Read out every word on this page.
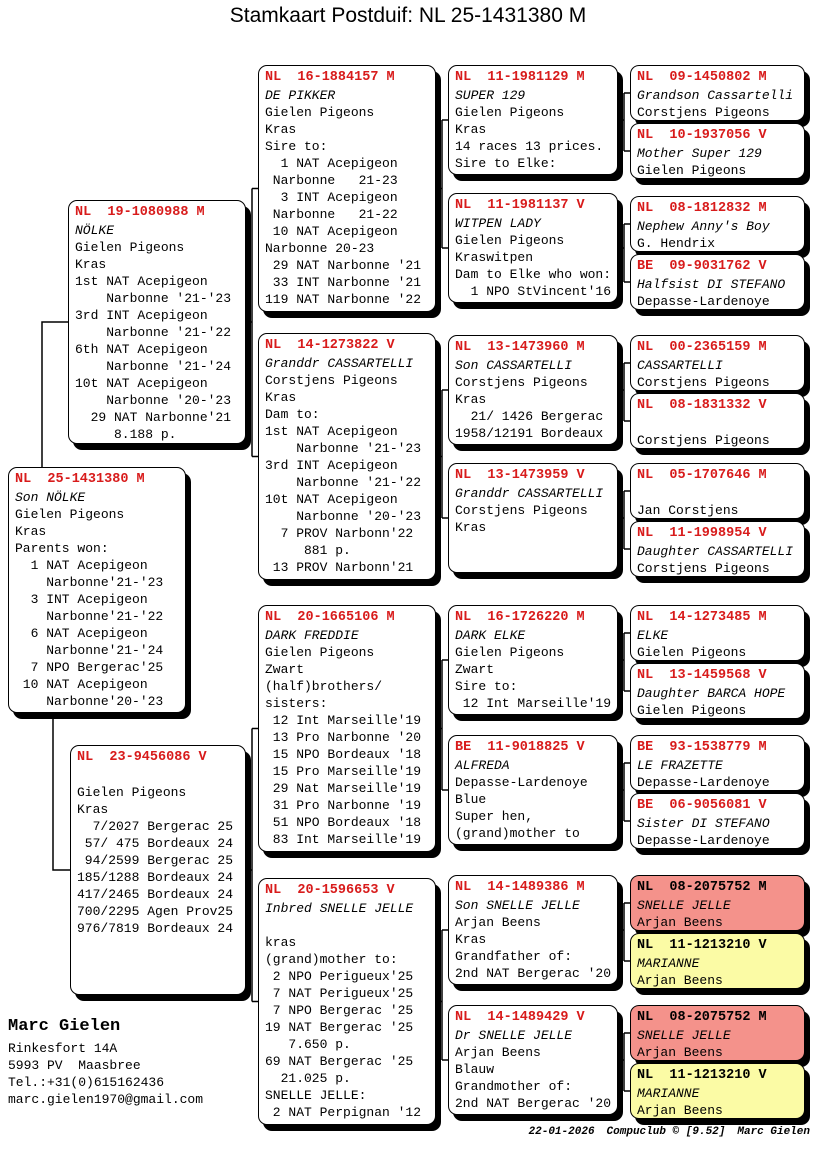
Stamkaart Postduif: NL 25-1431380 M
NL  25-1431380 M
Son NÖLKE
Gielen Pigeons
Kras
Parents won:
1 NAT Acepigeon
Narbonne'21-'23
3 INT Acepigeon
Narbonne'21-'22
6 NAT Acepigeon
Narbonne'21-'24
7 NPO Bergerac'25
10 NAT Acepigeon
Narbonne'20-'23
NL  19-1080988 M
NÖLKE
Gielen Pigeons
Kras
1st NAT Acepigeon
Narbonne '21-'23
3rd INT Acepigeon
Narbonne '21-'22
6th NAT Acepigeon
Narbonne '21-'24
10t NAT Acepigeon
Narbonne '20-'23
29 NAT Narbonne'21
8.188 p.
NL  23-9456086 V
Gielen Pigeons
Kras
7/2027 Bergerac 25
57/ 475 Bordeaux 24
94/2599 Bergerac 25
185/1288 Bordeaux 24
417/2465 Bordeaux 24
700/2295 Agen Prov25
976/7819 Bordeaux 24
NL  16-1884157 M
DE PIKKER
Gielen Pigeons
Kras
Sire to:
1 NAT Acepigeon
Narbonne   21-23
3 INT Acepigeon
Narbonne   21-22
10 NAT Acepigeon
Narbonne 20-23
29 NAT Narbonne '21
33 INT Narbonne '21
119 NAT Narbonne '22
NL  14-1273822 V
Granddr CASSARTELLI
Corstjens Pigeons
Kras
Dam to:
1st NAT Acepigeon
Narbonne '21-'23
3rd INT Acepigeon
Narbonne '21-'22
10t NAT Acepigeon
Narbonne '20-'23
7 PROV Narbonn'22
881 p.
13 PROV Narbonn'21
NL  20-1665106 M
DARK FREDDIE
Gielen Pigeons
Zwart
(half)brothers/
sisters:
12 Int Marseille'19
13 Pro Narbonne '20
15 NPO Bordeaux '18
15 Pro Marseille'19
29 Nat Marseille'19
31 Pro Narbonne '19
51 NPO Bordeaux '18
83 Int Marseille'19
NL  20-1596653 V
Inbred SNELLE JELLE
kras
(grand)mother to:
2 NPO Perigueux'25
7 NAT Perigueux'25
7 NPO Bergerac '25
19 NAT Bergerac '25
7.650 p.
69 NAT Bergerac '25
21.025 p.
SNELLE JELLE:
2 NAT Perpignan '12
NL  11-1981129 M
SUPER 129
Gielen Pigeons
Kras
14 races 13 prices.
Sire to Elke:
NL  11-1981137 V
WITPEN LADY
Gielen Pigeons
Kraswitpen
Dam to Elke who won:
1 NPO StVincent'16
NL  13-1473960 M
Son CASSARTELLI
Corstjens Pigeons
Kras
21/ 1426 Bergerac
1958/12191 Bordeaux
NL  13-1473959 V
Granddr CASSARTELLI
Corstjens Pigeons
Kras
NL  16-1726220 M
DARK ELKE
Gielen Pigeons
Zwart
Sire to:
12 Int Marseille'19
BE  11-9018825 V
ALFREDA
Depasse-Lardenoye
Blue
Super hen,
(grand)mother to
NL  14-1489386 M
Son SNELLE JELLE
Arjan Beens
Kras
Grandfather of:
2nd NAT Bergerac '20
NL  14-1489429 V
Dr SNELLE JELLE
Arjan Beens
Blauw
Grandmother of:
2nd NAT Bergerac '20
NL  09-1450802 M
Grandson Cassartelli
Corstjens Pigeons
NL  10-1937056 V
Mother Super 129
Gielen Pigeons
NL  08-1812832 M
Nephew Anny's Boy
G. Hendrix
BE  09-9031762 V
Halfsist DI STEFANO
Depasse-Lardenoye
NL  00-2365159 M
CASSARTELLI
Corstjens Pigeons
NL  08-1831332 V
Corstjens Pigeons
NL  05-1707646 M
Jan Corstjens
NL  11-1998954 V
Daughter CASSARTELLI
Corstjens Pigeons
NL  14-1273485 M
ELKE
Gielen Pigeons
NL  13-1459568 V
Daughter BARCA HOPE
Gielen Pigeons
BE  93-1538779 M
LE FRAZETTE
Depasse-Lardenoye
BE  06-9056081 V
Sister DI STEFANO
Depasse-Lardenoye
NL  08-2075752 M
SNELLE JELLE
Arjan Beens
NL  11-1213210 V
MARIANNE
Arjan Beens
NL  08-2075752 M
SNELLE JELLE
Arjan Beens
NL  11-1213210 V
MARIANNE
Arjan Beens
Marc Gielen
Rinkesfort 14A
5993 PV  Maasbree
Tel.:+31(0)615162436
marc.gielen1970@gmail.com
22-01-2026 Compuclub © [9.52] Marc Gielen
